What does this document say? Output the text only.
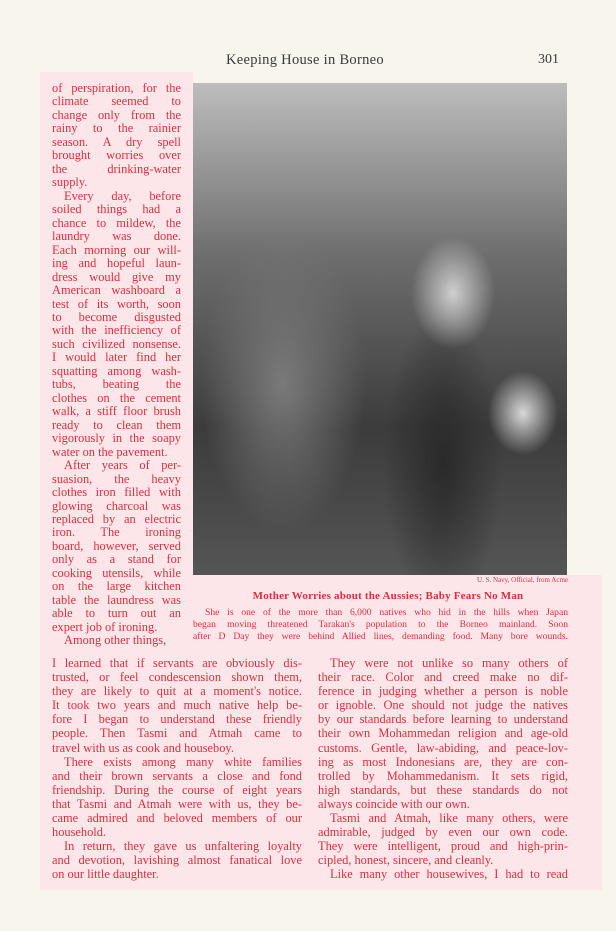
Keeping House in Borneo	301
of perspiration, for the
climate seemed to
change only from the
rainy to the rainier
season. A dry spell
brought worries over
the drinking-water
supply.
Every day, before
soiled things had a
chance to mildew, the
laundry was done.
Each morning our will-
ing and hopeful laun-
dress would give my
American washboard a
test of its worth, soon
to become disgusted
with the inefficiency of
such civilized nonsense.
I would later find her
squatting among wash-
tubs, beating the
clothes on the cement
walk, a stiff floor brush
ready to clean them
vigorously in the soapy
water on the pavement.
After years of per-
suasion, the heavy
clothes iron filled with
glowing charcoal was
replaced by an electric
iron. The ironing
board, however, served
only as a stand for
cooking utensils, while
on the large kitchen
table the laundress was
able to turn out an
expert job of ironing.
Among other things,
I learned that if servants are obviously dis-
trusted, or feel condescension shown them,
they are likely to quit at a moment's notice.
It took two years and much native help be-
fore I began to understand these friendly
people. Then Tasmi and Atmah came to
travel with us as cook and houseboy.
There exists among many white families
and their brown servants a close and fond
friendship. During the course of eight years
that Tasmi and Atmah were with us, they be-
came admired and beloved members of our
household.
In return, they gave us unfaltering loyalty
and devotion, lavishing almost fanatical love
on our little daughter.
They were not unlike so many others of
their race. Color and creed make no dif-
ference in judging whether a person is noble
or ignoble. One should not judge the natives
by our standards before learning to understand
their own Mohammedan religion and age-old
customs. Gentle, law-abiding, and peace-lov-
ing as most Indonesians are, they are con-
trolled by Mohammedanism. It sets rigid,
high standards, but these standards do not
always coincide with our own.
Tasmi and Atmah, like many others, were
admirable, judged by even our own code.
They were intelligent, proud and high-prin-
cipled, honest, sincere, and cleanly.
Like many other housewives, I had to read
U. S. Navy, Official, from Acme
Mother Worries about the Aussies; Baby Fears No Man
She is one of the more than 6,000 natives who hid in the hills when Japan
began moving threatened Tarakan's population to the Borneo mainland. Soon
after D Day they were behind Allied lines, demanding food. Many bore wounds.
